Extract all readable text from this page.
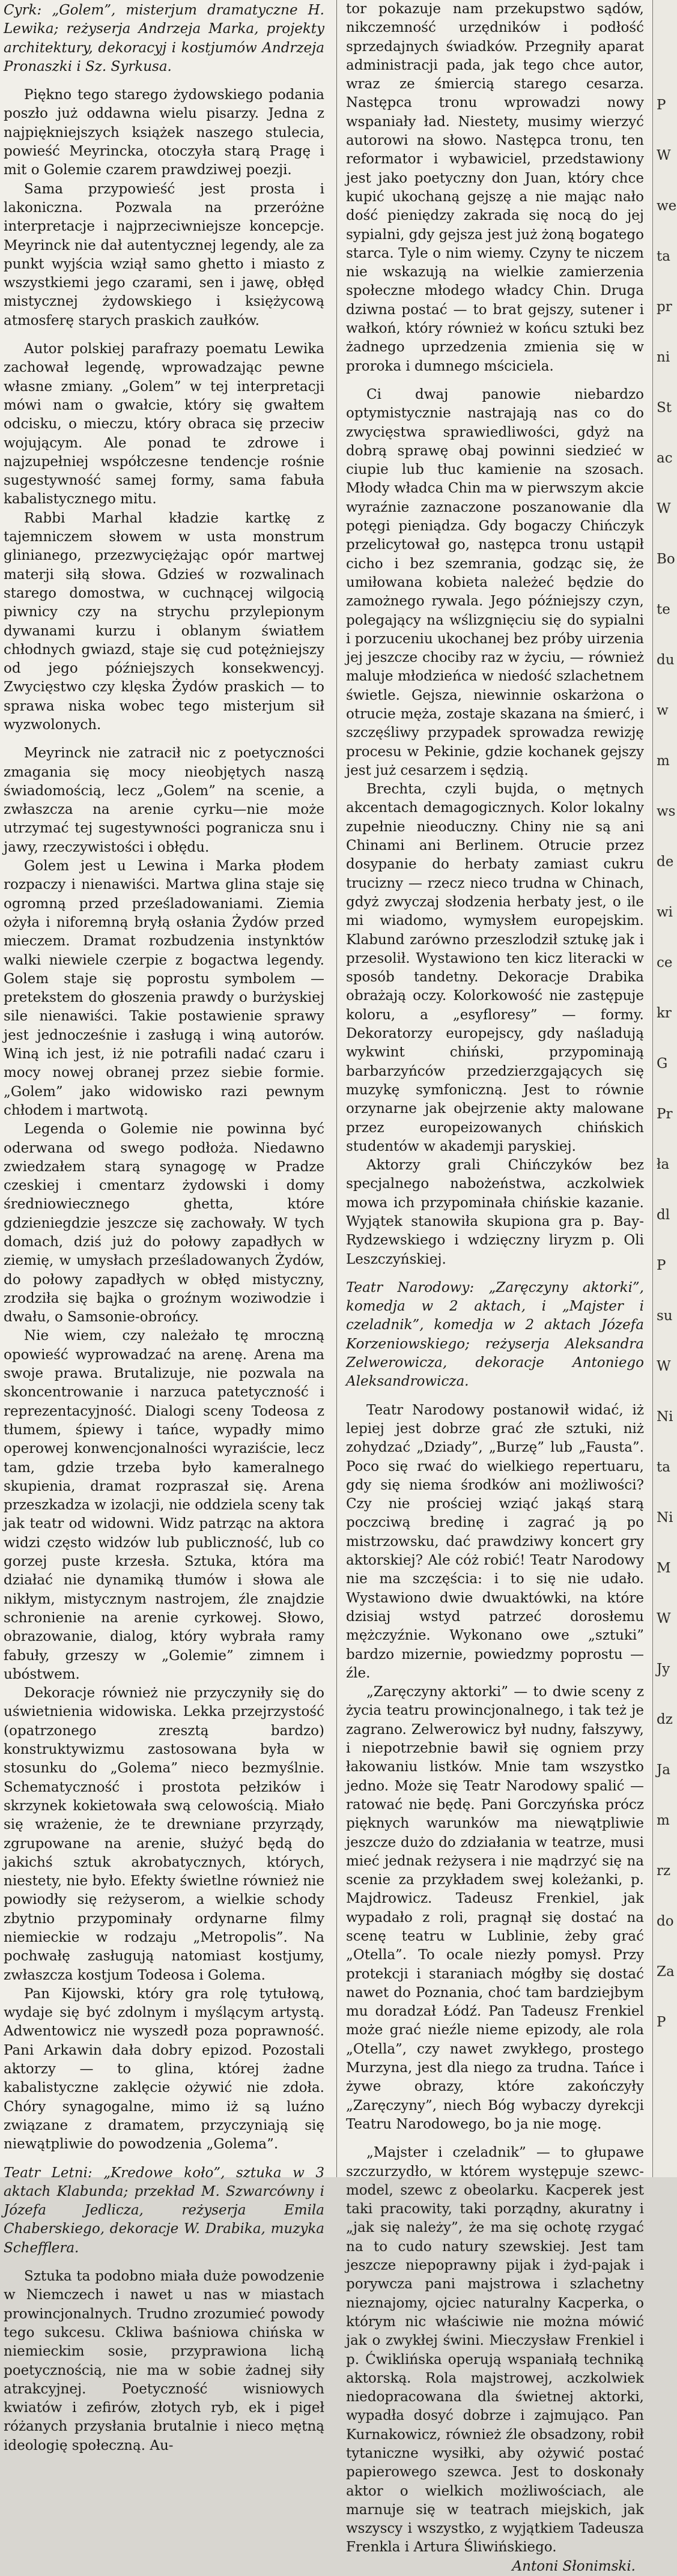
Cyrk: „Golem”, misterjum dramatyczne H. Lewika; reżyserja Andrzeja Marka, projekty architektury, dekoracyj i kostjumów Andrzeja Pronaszki i Sz. Syrkusa.

Piękno tego starego żydowskiego podania poszło już oddawna wielu pisarzy. Jedna z najpiękniejszych książek naszego stulecia, powieść Meyrincka, otoczyła starą Pragę i mit o Golemie czarem prawdziwej poezji.

Sama przypowieść jest prosta i lakoniczna. Pozwala na przeróżne interpretacje i najprzeciwniejsze koncepcje. Meyrinck nie dał autentycznej legendy, ale za punkt wyjścia wziął samo ghetto i miasto z wszystkiemi jego czarami, sen i jawę, obłęd mistycznej żydowskiego i księżycową atmosferę starych praskich zaułków.

Autor polskiej parafrazy poematu Lewika zachował legendę, wprowadzając pewne własne zmiany. „Golem” w tej interpretacji mówi nam o gwałcie, który się gwałtem odcisku, o mieczu, który obraca się przeciw wojującym. Ale ponad te zdrowe i najzupełniej współczesne tendencje rośnie sugestywność samej formy, sama fabuła kabalistycznego mitu.

Rabbi Marhal kładzie kartkę z tajemniczem słowem w usta monstrum glinianego, przezwyciężając opór martwej materji siłą słowa. Gdzieś w rozwalinach starego domostwa, w cuchnącej wilgocią piwnicy czy na strychu przylepionym dywanami kurzu i oblanym światłem chłodnych gwiazd, staje się cud potężniejszy od jego późniejszych konsekwencyj. Zwycięstwo czy klęska Żydów praskich — to sprawa niska wobec tego misterjum sił wyzwolonych.

Meyrinck nie zatracił nic z poetyczności zmagania się mocy nieobjętych naszą świadomością, lecz „Golem” na scenie, a zwłaszcza na arenie cyrku—nie może utrzymać tej sugestywności pogranicza snu i jawy, rzeczywistości i obłędu.

Golem jest u Lewina i Marka płodem rozpaczy i nienawiści. Martwa glina staje się ogromną przed prześladowaniami. Ziemia ożyła i niforemną bryłą osłania Żydów przed mieczem. Dramat rozbudzenia instynktów walki niewiele czerpie z bogactwa legendy. Golem staje się poprostu symbolem — pretekstem do głoszenia prawdy o burżyskiej sile nienawiści. Takie postawienie sprawy jest jednocześnie i zasługą i winą autorów. Winą ich jest, iż nie potrafili nadać czaru i mocy nowej obranej przez siebie formie. „Golem” jako widowisko razi pewnym chłodem i martwotą.

Legenda o Golemie nie powinna być oderwana od swego podłoża. Niedawno zwiedzałem starą synagogę w Pradze czeskiej i cmentarz żydowski i domy średniowiecznego ghetta, które gdzieniegdzie jeszcze się zachowały. W tych domach, dziś już do połowy zapadłych w ziemię, w umysłach prześladowanych Żydów, do połowy zapadłych w obłęd mistyczny, zrodziła się bajka o groźnym woziwodzie i dwału, o Samsonie-obrońcy.

Nie wiem, czy należało tę mroczną opowieść wyprowadzać na arenę. Arena ma swoje prawa. Brutalizuje, nie pozwala na skoncentrowanie i narzuca patetyczność i reprezentacyjność. Dialogi sceny Todeosa z tłumem, śpiewy i tańce, wypadły mimo operowej konwencjonalności wyraziście, lecz tam, gdzie trzeba było kameralnego skupienia, dramat rozpraszał się. Arena przeszkadza w izolacji, nie oddziela sceny tak jak teatr od widowni. Widz patrząc na aktora widzi często widzów lub publiczność, lub co gorzej puste krzesła. Sztuka, która ma działać nie dynamiką tłumów i słowa ale nikłym, mistycznym nastrojem, źle znajdzie schronienie na arenie cyrkowej. Słowo, obrazowanie, dialog, który wybrała ramy fabuły, grzeszy w „Golemie” zimnem i ubóstwem.

Dekoracje również nie przyczyniły się do uświetnienia widowiska. Lekka przejrzystość (opatrzonego zresztą bardzo) konstruktywizmu zastosowana była w stosunku do „Golema” nieco bezmyślnie. Schematyczność i prostota pełzików i skrzynek kokietowała swą celowością. Miało się wrażenie, że te drewniane przyrządy, zgrupowane na arenie, służyć będą do jakichś sztuk akrobatycznych, których, niestety, nie było. Efekty świetlne również nie powiodły się reżyserom, a wielkie schody zbytnio przypominały ordynarne filmy niemieckie w rodzaju „Metropolis”. Na pochwałę zasługują natomiast kostjumy, zwłaszcza kostjum Todeosa i Golema.

Pan Kijowski, który gra rolę tytułową, wydaje się być zdolnym i myślącym artystą. Adwentowicz nie wyszedł poza poprawność. Pani Arkawin dała dobry epizod. Pozostali aktorzy — to glina, której żadne kabalistyczne zaklęcie ożywić nie zdoła. Chóry synagogalne, mimo iż są luźno związane z dramatem, przyczyniają się niewątpliwie do powodzenia „Golema”.

Teatr Letni: „Kredowe koło”, sztuka w 3 aktach Klabunda; przekład M. Szwarcówny i Józefa Jedlicza, reżyserja Emila Chaberskiego, dekoracje W. Drabika, muzyka Schefflera.

Sztuka ta podobno miała duże powodzenie w Niemczech i nawet u nas w miastach prowincjonalnych. Trudno zrozumieć powody tego sukcesu. Ckliwa baśniowa chińska w niemieckim sosie, przyprawiona lichą poetycznością, nie ma w sobie żadnej siły atrakcyjnej. Poetyczność wisniowych kwiatów i zefirów, złotych ryb, ek i pigeł różanych przysłania brutalnie i nieco mętną ideologię społeczną. Au-

tor pokazuje nam przekupstwo sądów, nikczemność urzędników i podłość sprzedajnych świadków. Przegniły aparat administracji pada, jak tego chce autor, wraz ze śmiercią starego cesarza. Następca tronu wprowadzi nowy wspaniały ład. Niestety, musimy wierzyć autorowi na słowo. Następca tronu, ten reformator i wybawiciel, przedstawiony jest jako poetyczny don Juan, który chce kupić ukochaną gejszę a nie mając nało dość pieniędzy zakrada się nocą do jej sypialni, gdy gejsza jest już żoną bogatego starca. Tyle o nim wiemy. Czyny te niczem nie wskazują na wielkie zamierzenia społeczne młodego władcy Chin. Druga dziwna postać — to brat gejszy, sutener i wałkoń, który również w końcu sztuki bez żadnego uprzedzenia zmienia się w proroka i dumnego mściciela.

Ci dwaj panowie niebardzo optymistycznie nastrajają nas co do zwycięstwa sprawiedliwości, gdyż na dobrą sprawę obaj powinni siedzieć w ciupie lub tłuc kamienie na szosach. Młody władca Chin ma w pierwszym akcie wyraźnie zaznaczone poszanowanie dla potęgi pieniądza. Gdy bogaczy Chińczyk przelicytował go, następca tronu ustąpił cicho i bez szemrania, godząc się, że umiłowana kobieta należeć będzie do zamożnego rywala. Jego późniejszy czyn, polegający na wślizgnięciu się do sypialni i porzuceniu ukochanej bez próby uirzenia jej jeszcze chociby raz w życiu, — również maluje młodzieńca w niedość szlachetnem świetle. Gejsza, niewinnie oskarżona o otrucie męża, zostaje skazana na śmierć, i szczęśliwy przypadek sprowadza rewizję procesu w Pekinie, gdzie kochanek gejszy jest już cesarzem i sędzią.

Brechta, czyli bujda, o mętnych akcentach demagogicznych. Kolor lokalny zupełnie nieoduczny. Chiny nie są ani Chinami ani Berlinem. Otrucie przez dosypanie do herbaty zamiast cukru trucizny — rzecz nieco trudna w Chinach, gdyż zwyczaj słodzenia herbaty jest, o ile mi wiadomo, wymysłem europejskim. Klabund zarówno przeszlodził sztukę jak i przesolił. Wystawiono ten kicz literacki w sposób tandetny. Dekoracje Drabika obrażają oczy. Kolorkowość nie zastępuje koloru, a „esyfloresy” — formy. Dekoratorzy europejscy, gdy naśladują wykwint chiński, przypominają barbarzyńców przedzierzgających się muzykę symfoniczną. Jest to równie orzynarne jak obejrzenie akty malowane przez europeizowanych chińskich studentów w akademji paryskiej.

Aktorzy grali Chińczyków bez specjalnego nabożeństwa, aczkolwiek mowa ich przypominała chińskie kazanie. Wyjątek stanowiła skupiona gra p. Bay-Rydzewskiego i wdzięczny liryzm p. Oli Leszczyńskiej.

Teatr Narodowy: „Zaręczyny aktorki”, komedja w 2 aktach, i „Majster i czeladnik”, komedja w 2 aktach Józefa Korzeniowskiego; reżyserja Aleksandra Zelwerowicza, dekoracje Antoniego Aleksandrowicza.

Teatr Narodowy postanowił widać, iż lepiej jest dobrze grać złe sztuki, niż zohydzać „Dziady”, „Burzę” lub „Fausta”. Poco się rwać do wielkiego repertuaru, gdy się niema środków ani możliwości? Czy nie prościej wziąć jakąś starą poczciwą bredinę i zagrać ją po mistrzowsku, dać prawdziwy koncert gry aktorskiej? Ale cóż robić! Teatr Narodowy nie ma szczęścia: i to się nie udało. Wystawiono dwie dwuaktówki, na które dzisiaj wstyd patrzeć dorosłemu mężczyźnie. Wykonano owe „sztuki” bardzo mizernie, powiedzmy poprostu — źle.

„Zaręczyny aktorki” — to dwie sceny z życia teatru prowincjonalnego, i tak też je zagrano. Zelwerowicz był nudny, fałszywy, i niepotrzebnie bawił się ogniem przy łakowaniu listków. Mnie tam wszystko jedno. Może się Teatr Narodowy spalić — ratować nie będę. Pani Gorczyńska prócz pięknych warunków ma niewątpliwie jeszcze dużo do zdziałania w teatrze, musi mieć jednak reżysera i nie mądrzyć się na scenie za przykładem swej koleżanki, p. Majdrowicz. Tadeusz Frenkiel, jak wypadało z roli, pragnął się dostać na scenę teatru w Lublinie, żeby grać „Otella”. To ocale niezły pomysł. Przy protekcji i staraniach mógłby się dostać nawet do Poznania, choć tam bardziejbym mu doradzał Łódź. Pan Tadeusz Frenkiel może grać nieźle nieme epizody, ale rola „Otella”, czy nawet zwykłego, prostego Murzyna, jest dla niego za trudna. Tańce i żywe obrazy, które zakończyły „Zaręczyny”, niech Bóg wybaczy dyrekcji Teatru Narodowego, bo ja nie mogę.

„Majster i czeladnik” — to głupawe szczurzydło, w którem występuje szewc-model, szewc z obeolarku. Kacperek jest taki pracowity, taki porządny, akuratny i „jak się należy”, że ma się ochotę rzygać na to cudo natury szewskiej. Jest tam jeszcze niepoprawny pijak i żyd-pajak i porywcza pani majstrowa i szlachetny nieznajomy, ojciec naturalny Kacperka, o którym nic właściwie nie można mówić jak o zwykłej świni. Mieczysław Frenkiel i p. Ćwiklińska operują wspaniałą techniką aktorską. Rola majstrowej, aczkolwiek niedopracowana dla świetnej aktorki, wypadła dosyć dobrze i zajmująco. Pan Kurnakowicz, również źle obsadzony, robił tytaniczne wysiłki, aby ożywić postać papierowego szewca. Jest to doskonały aktor o wielkich możliwościach, ale marnuje się w teatrach miejskich, jak wszyscy i wszystko, z wyjątkiem Tadeusza Frenkla i Artura Śliwińskiego.

Antoni Słonimski.

P
W
we
ta
pr
ni
St
ac
W
Bo
te
du
w
m
ws
de
wi
ce
kr
G
Pr
ła
dl
P
su
W
Ni
ta
Ni
M
W
Jy
dz
Ja
m
rz
do
Za
P
